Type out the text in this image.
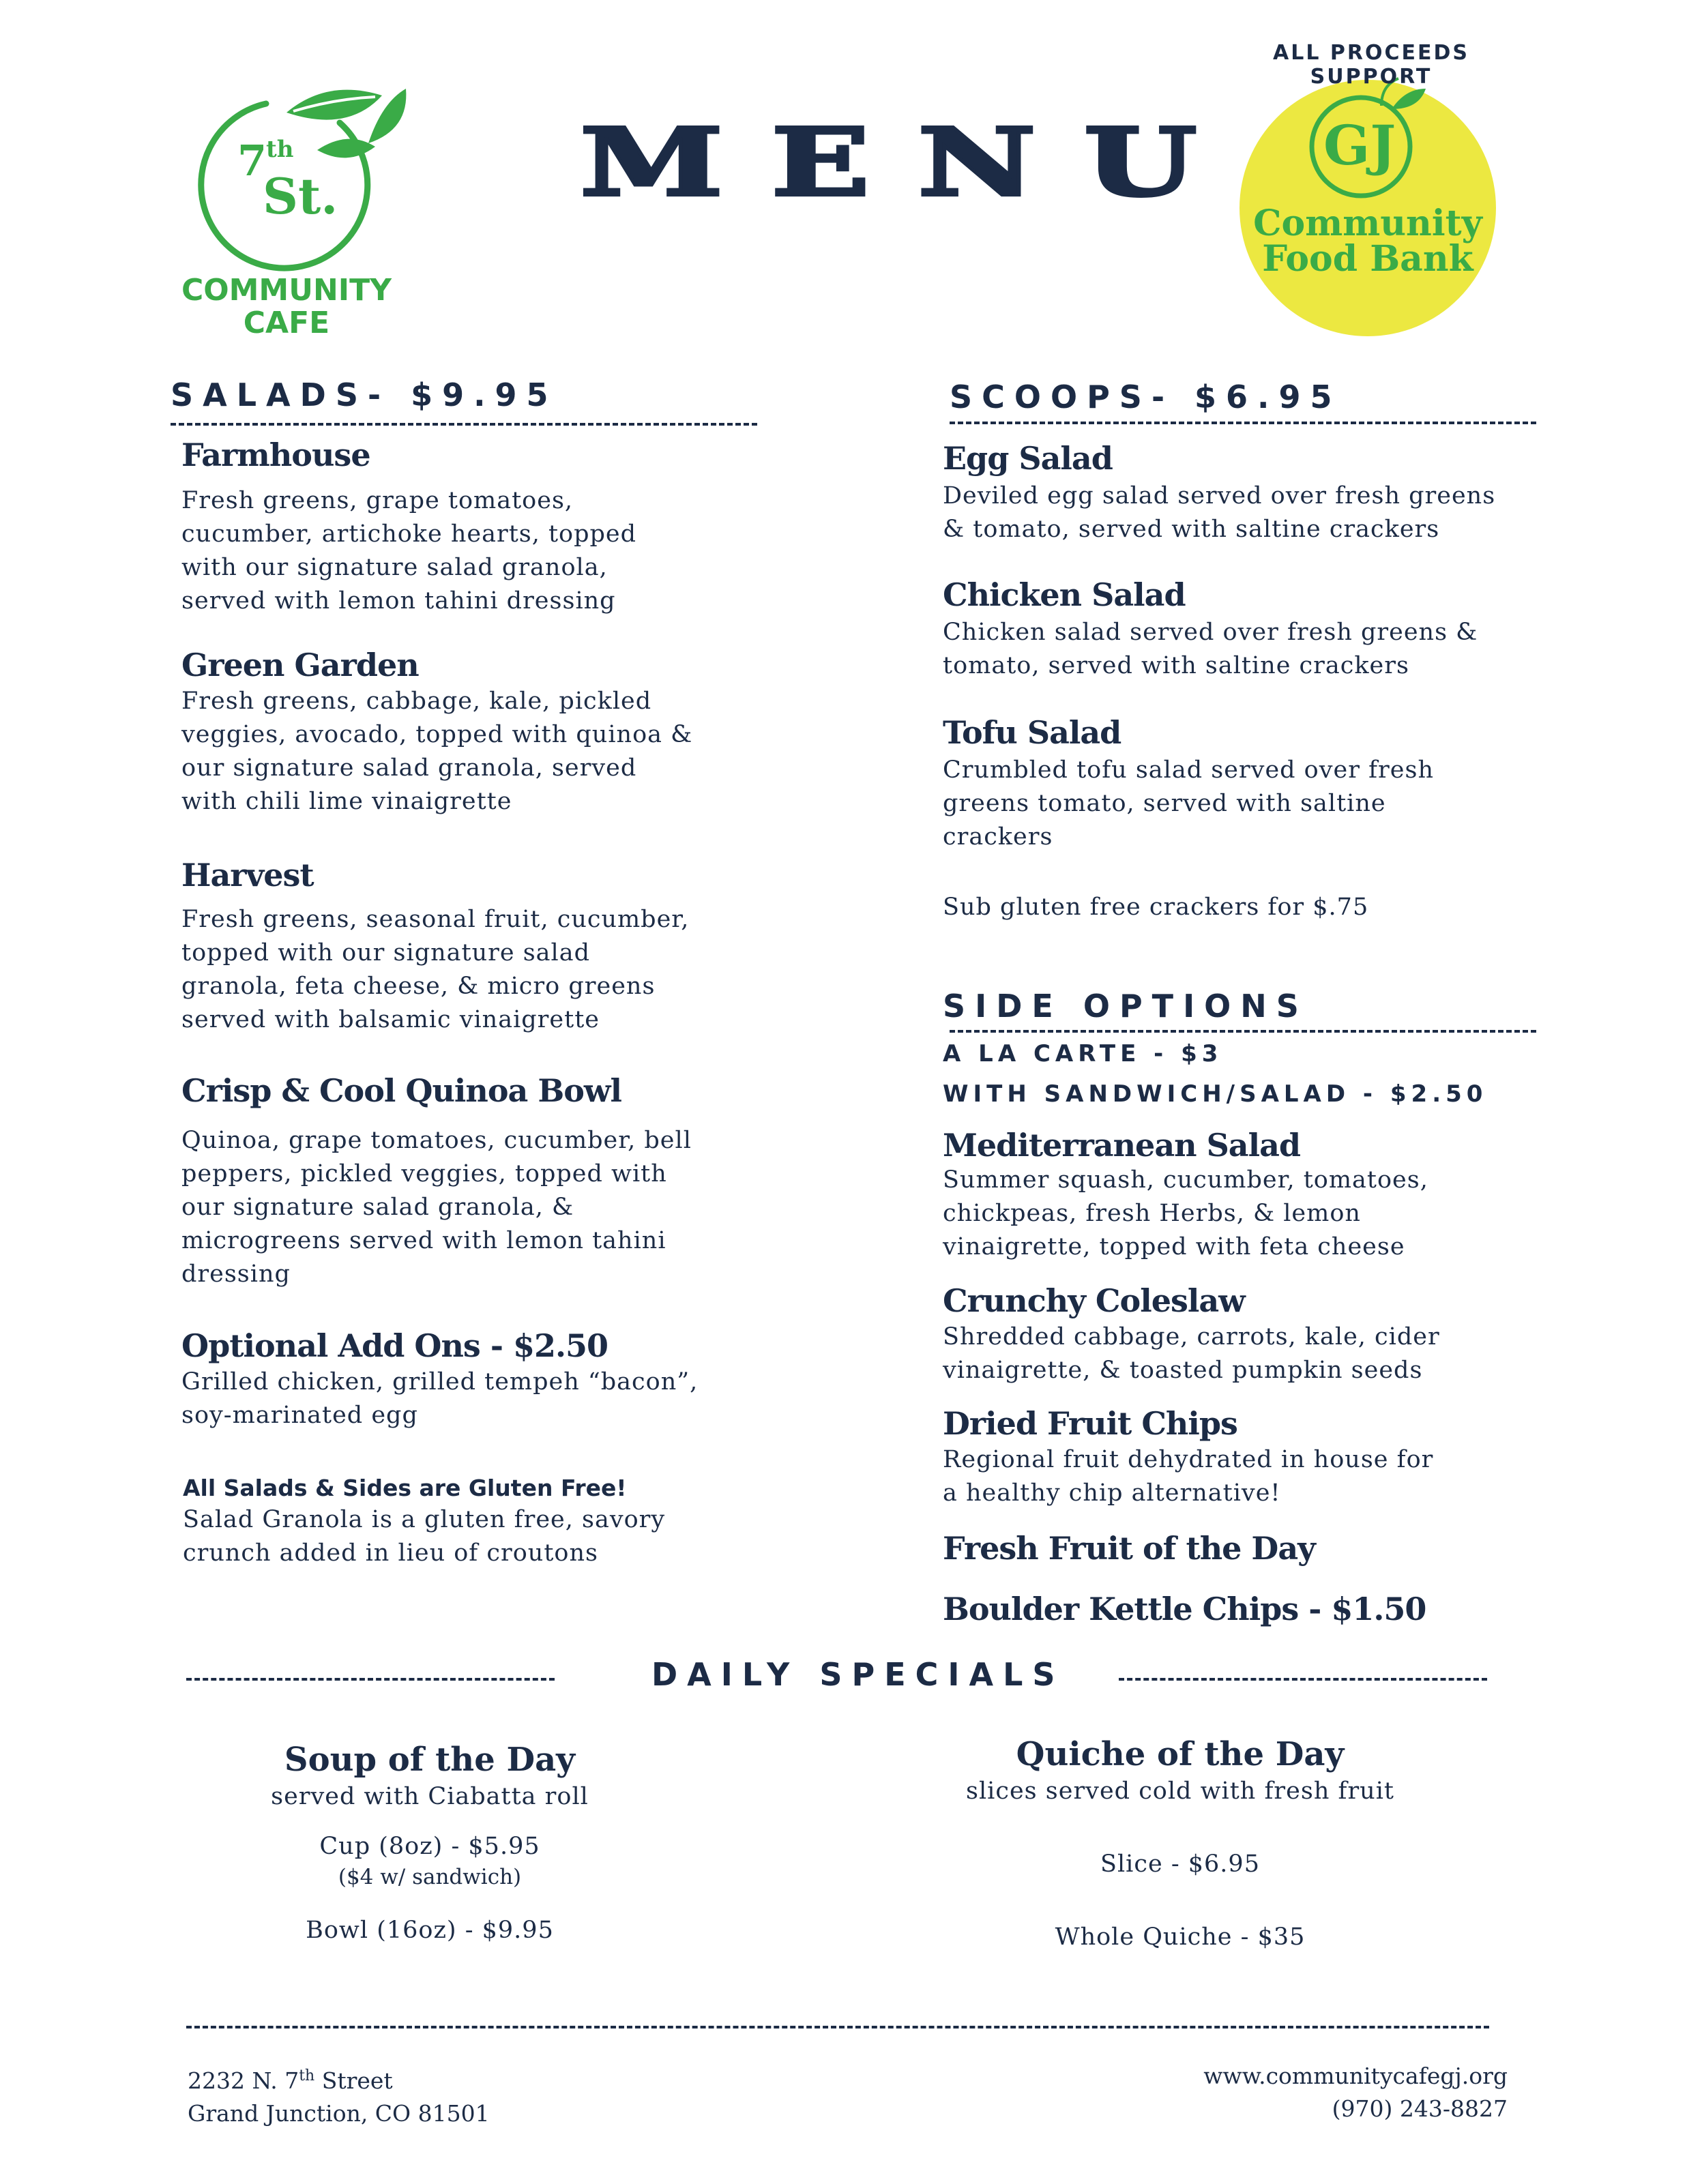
7
th
St.
COMMUNITY
CAFE
MENU GJ
Community
Food Bank
ALL PROCEEDS SUPPORT
SALADS- $9.95
Farmhouse
Fresh greens, grape tomatoes,
cucumber, artichoke hearts, topped
with our signature salad granola,
served with lemon tahini dressing
Green Garden
Fresh greens, cabbage, kale, pickled
veggies, avocado, topped with quinoa &
our signature salad granola, served
with chili lime vinaigrette
Harvest
Fresh greens, seasonal fruit, cucumber,
topped with our signature salad
granola, feta cheese, & micro greens
served with balsamic vinaigrette
Crisp & Cool Quinoa Bowl
Quinoa, grape tomatoes, cucumber, bell
peppers, pickled veggies, topped with
our signature salad granola, &
microgreens served with lemon tahini
dressing
Optional Add Ons - $2.50
Grilled chicken, grilled tempeh “bacon”,
soy-marinated egg
All Salads & Sides are Gluten Free!
Salad Granola is a gluten free, savory
crunch added in lieu of croutons
SCOOPS- $6.95
Egg Salad
Deviled egg salad served over fresh greens
& tomato, served with saltine crackers
Chicken Salad
Chicken salad served over fresh greens &
tomato, served with saltine crackers
Tofu Salad
Crumbled tofu salad served over fresh
greens tomato, served with saltine
crackers
Sub gluten free crackers for $.75
SIDE OPTIONS
A LA CARTE - $3
WITH SANDWICH/SALAD - $2.50
Mediterranean Salad
Summer squash, cucumber, tomatoes,
chickpeas, fresh Herbs, & lemon
vinaigrette, topped with feta cheese
Crunchy Coleslaw
Shredded cabbage, carrots, kale, cider
vinaigrette, & toasted pumpkin seeds
Dried Fruit Chips
Regional fruit dehydrated in house for
a healthy chip alternative!
Fresh Fruit of the Day
Boulder Kettle Chips - $1.50
DAILY SPECIALS
Soup of the Day
served with Ciabatta roll
Cup (8oz) - $5.95
($4 w/ sandwich)
Bowl (16oz) - $9.95
Quiche of the Day
slices served cold with fresh fruit
Slice - $6.95
Whole Quiche - $35
2232 N. 7th Street
Grand Junction, CO 81501
www.communitycafegj.org
(970) 243-8827
